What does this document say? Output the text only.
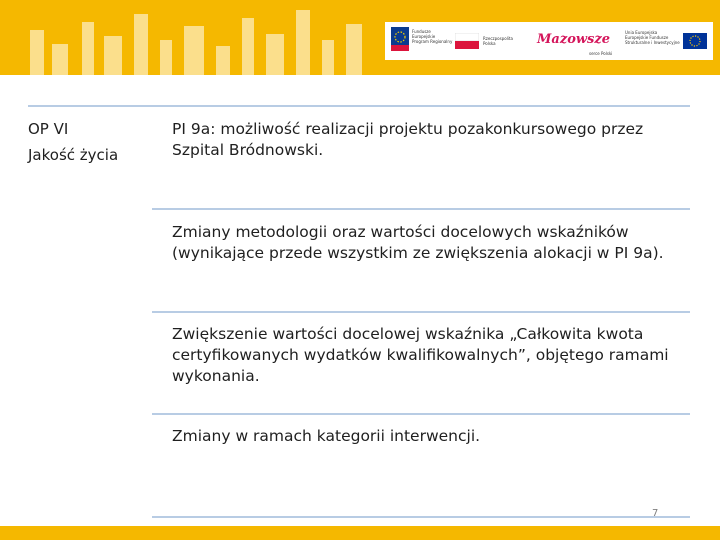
Fundusze
Europejskie
Program Regionalny
Rzeczpospolita
Polska	Mazowsze
serce Polski
Unia Europejska
Europejskie Fundusze
Strukturalne i Inwestycyjne
OP VI
Jakość życia
PI 9a: możliwość realizacji projektu pozakonkursowego przez Szpital Bródnowski.
Zmiany metodologii oraz wartości docelowych wskaźników (wynikające przede wszystkim ze zwiększenia alokacji w PI 9a).
Zwiększenie wartości docelowej wskaźnika „Całkowita kwota certyfikowanych wydatków kwalifikowalnych”, objętego ramami wykonania.
Zmiany w ramach kategorii interwencji.
7
